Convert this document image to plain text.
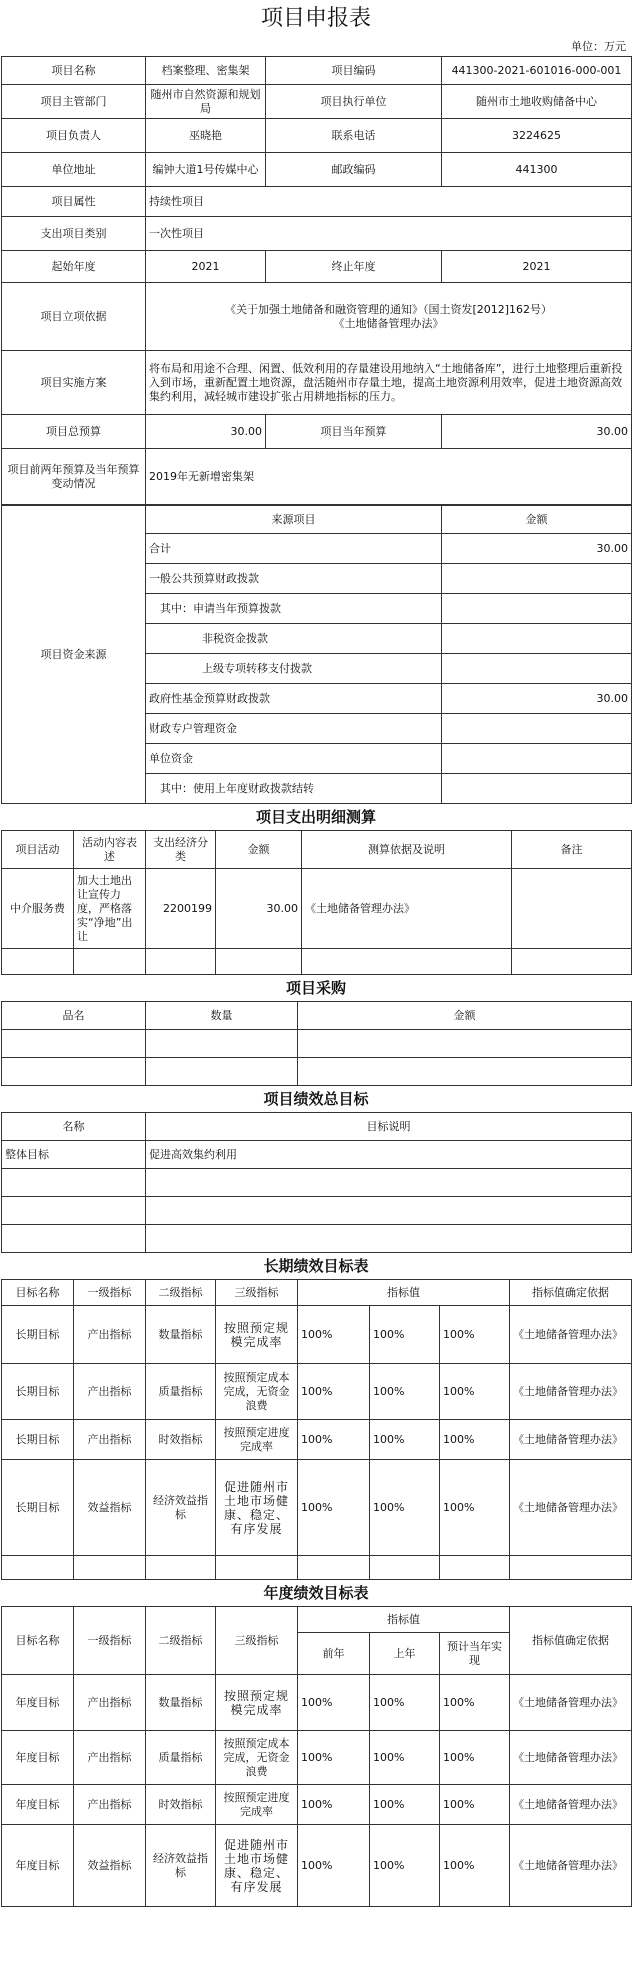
项目申报表
单位：万元
项目名称	档案整理、密集架	项目编码	441300-2021-601016-000-001
项目主管部门	随州市自然资源和规划局	项目执行单位	随州市土地收购储备中心
项目负责人	巫晓艳	联系电话	3224625
单位地址	编钟大道1号传媒中心	邮政编码	441300
项目属性	持续性项目		
支出项目类别	一次性项目		
起始年度	2021	终止年度	2021
项目立项依据	《关于加强土地储备和融资管理的通知》（国土资发[2012]162号）
《土地储备管理办法》		

项目实施方案	将布局和用途不合理、闲置、低效利用的存量建设用地纳入“土地储备库”，进行土地整理后重新投入到市场，重新配置土地资源，盘活随州市存量土地，提高土地资源利用效率，促进土地资源高效集约利用，减轻城市建设扩张占用耕地指标的压力。		
项目总预算	30.00	项目当年预算	30.00
项目前两年预算及当年预算变动情况	2019年无新增密集架		
项目资金来源	来源项目	金额
	合计	30.00
	一般公共预算财政拨款	
	其中：申请当年预算拨款	
	非税资金拨款	
	上级专项转移支付拨款	
	政府性基金预算财政拨款	30.00
	财政专户管理资金	
	单位资金	
	其中：使用上年度财政拨款结转	
项目支出明细测算
项目活动	活动内容表述	支出经济分类	金额	测算依据及说明	备注
中介服务费	加大土地出让宣传力度，严格落实“净地”出让	2200199	30.00	《土地储备管理办法》	

项目采购
品名	数量	金额

项目绩效总目标
名称	目标说明
整体目标	促进高效集约利用

长期绩效目标表
目标名称	一级指标	二级指标	三级指标	指标值			指标值确定依据
长期目标	产出指标	数量指标	按照预定规模完成率	100%	100%	100%	《土地储备管理办法》
长期目标	产出指标	质量指标	按照预定成本完成，无资金浪费	100%	100%	100%	《土地储备管理办法》
长期目标	产出指标	时效指标	按照预定进度完成率	100%	100%	100%	《土地储备管理办法》
长期目标	效益指标	经济效益指标	促进随州市土地市场健康、稳定、有序发展	100%	100%	100%	《土地储备管理办法》

年度绩效目标表
目标名称	一级指标	二级指标	三级指标	指标值			指标值确定依据
				前年	上年	预计当年实现	
年度目标	产出指标	数量指标	按照预定规模完成率	100%	100%	100%	《土地储备管理办法》
年度目标	产出指标	质量指标	按照预定成本完成，无资金浪费	100%	100%	100%	《土地储备管理办法》
年度目标	产出指标	时效指标	按照预定进度完成率	100%	100%	100%	《土地储备管理办法》
年度目标	效益指标	经济效益指标	促进随州市土地市场健康、稳定、有序发展	100%	100%	100%	《土地储备管理办法》
